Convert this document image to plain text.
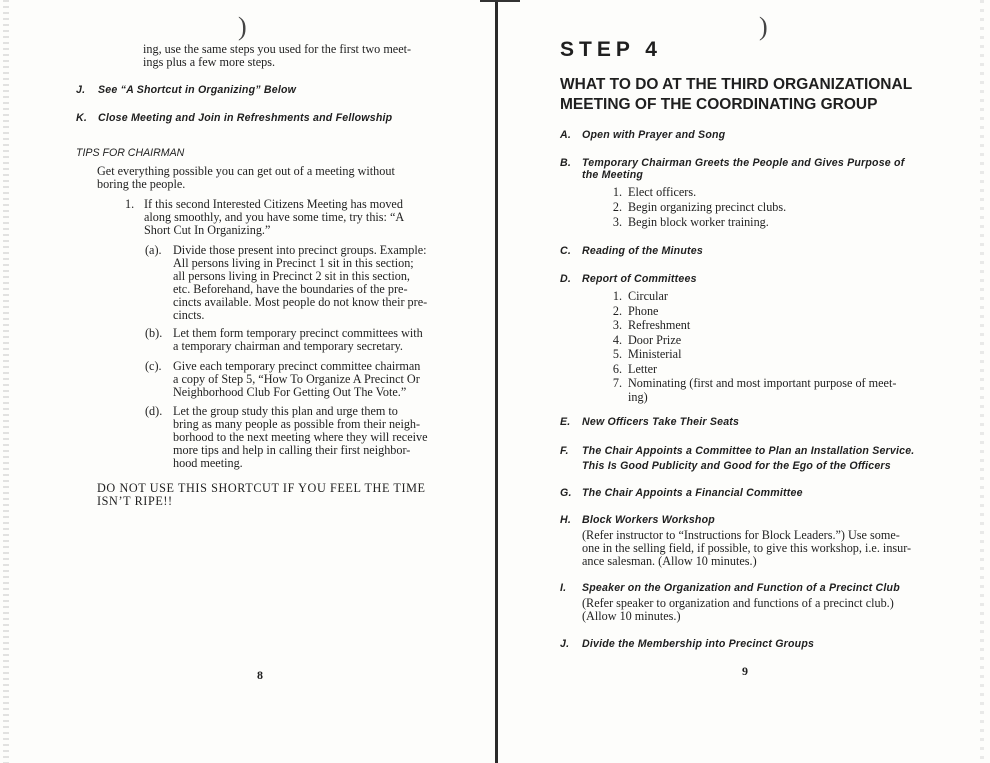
)
ing, use the same steps you used for the first two meet-
ings plus a few more steps.
J.	See “A Shortcut in Organizing” Below
K.	Close Meeting and Join in Refreshments and Fellowship
TIPS FOR CHAIRMAN
Get everything possible you can get out of a meeting without
boring the people.
1. If this second Interested Citizens Meeting has moved
along smoothly, and you have some time, try this: “A
Short Cut In Organizing.”
(a). Divide those present into precinct groups. Example:
All persons living in Precinct 1 sit in this section;
all persons living in Precinct 2 sit in this section,
etc. Beforehand, have the boundaries of the pre-
cincts available. Most people do not know their pre-
cincts.
(b). Let them form temporary precinct committees with
a temporary chairman and temporary secretary.
(c). Give each temporary precinct committee chairman
a copy of Step 5, “How To Organize A Precinct Or
Neighborhood Club For Getting Out The Vote.”
(d). Let the group study this plan and urge them to
bring as many people as possible from their neigh-
borhood to the next meeting where they will receive
more tips and help in calling their first neighbor-
hood meeting.
DO NOT USE THIS SHORTCUT IF YOU FEEL THE TIME
ISN’T RIPE!!
8
)
STEP 4
WHAT TO DO AT THE THIRD ORGANIZATIONAL
MEETING OF THE COORDINATING GROUP
A.	Open with Prayer and Song
B.	Temporary Chairman Greets the People and Gives Purpose of
the Meeting
1. Elect officers.
2. Begin organizing precinct clubs.
3. Begin block worker training.
C.	Reading of the Minutes
D.	Report of Committees
1. Circular
2. Phone
3. Refreshment
4. Door Prize
5. Ministerial
6. Letter
7. Nominating (first and most important purpose of meet-
ing)
E.	New Officers Take Their Seats
F.	The Chair Appoints a Committee to Plan an Installation Service.
This Is Good Publicity and Good for the Ego of the Officers
G. The Chair Appoints a Financial Committee
H.	Block Workers Workshop
(Refer instructor to “Instructions for Block Leaders.”) Use some-
one in the selling field, if possible, to give this workshop, i.e. insur-
ance salesman. (Allow 10 minutes.)
I.	Speaker on the Organization and Function of a Precinct Club
(Refer speaker to organization and functions of a precinct club.)
(Allow 10 minutes.)
J.	Divide the Membership into Precinct Groups
9
